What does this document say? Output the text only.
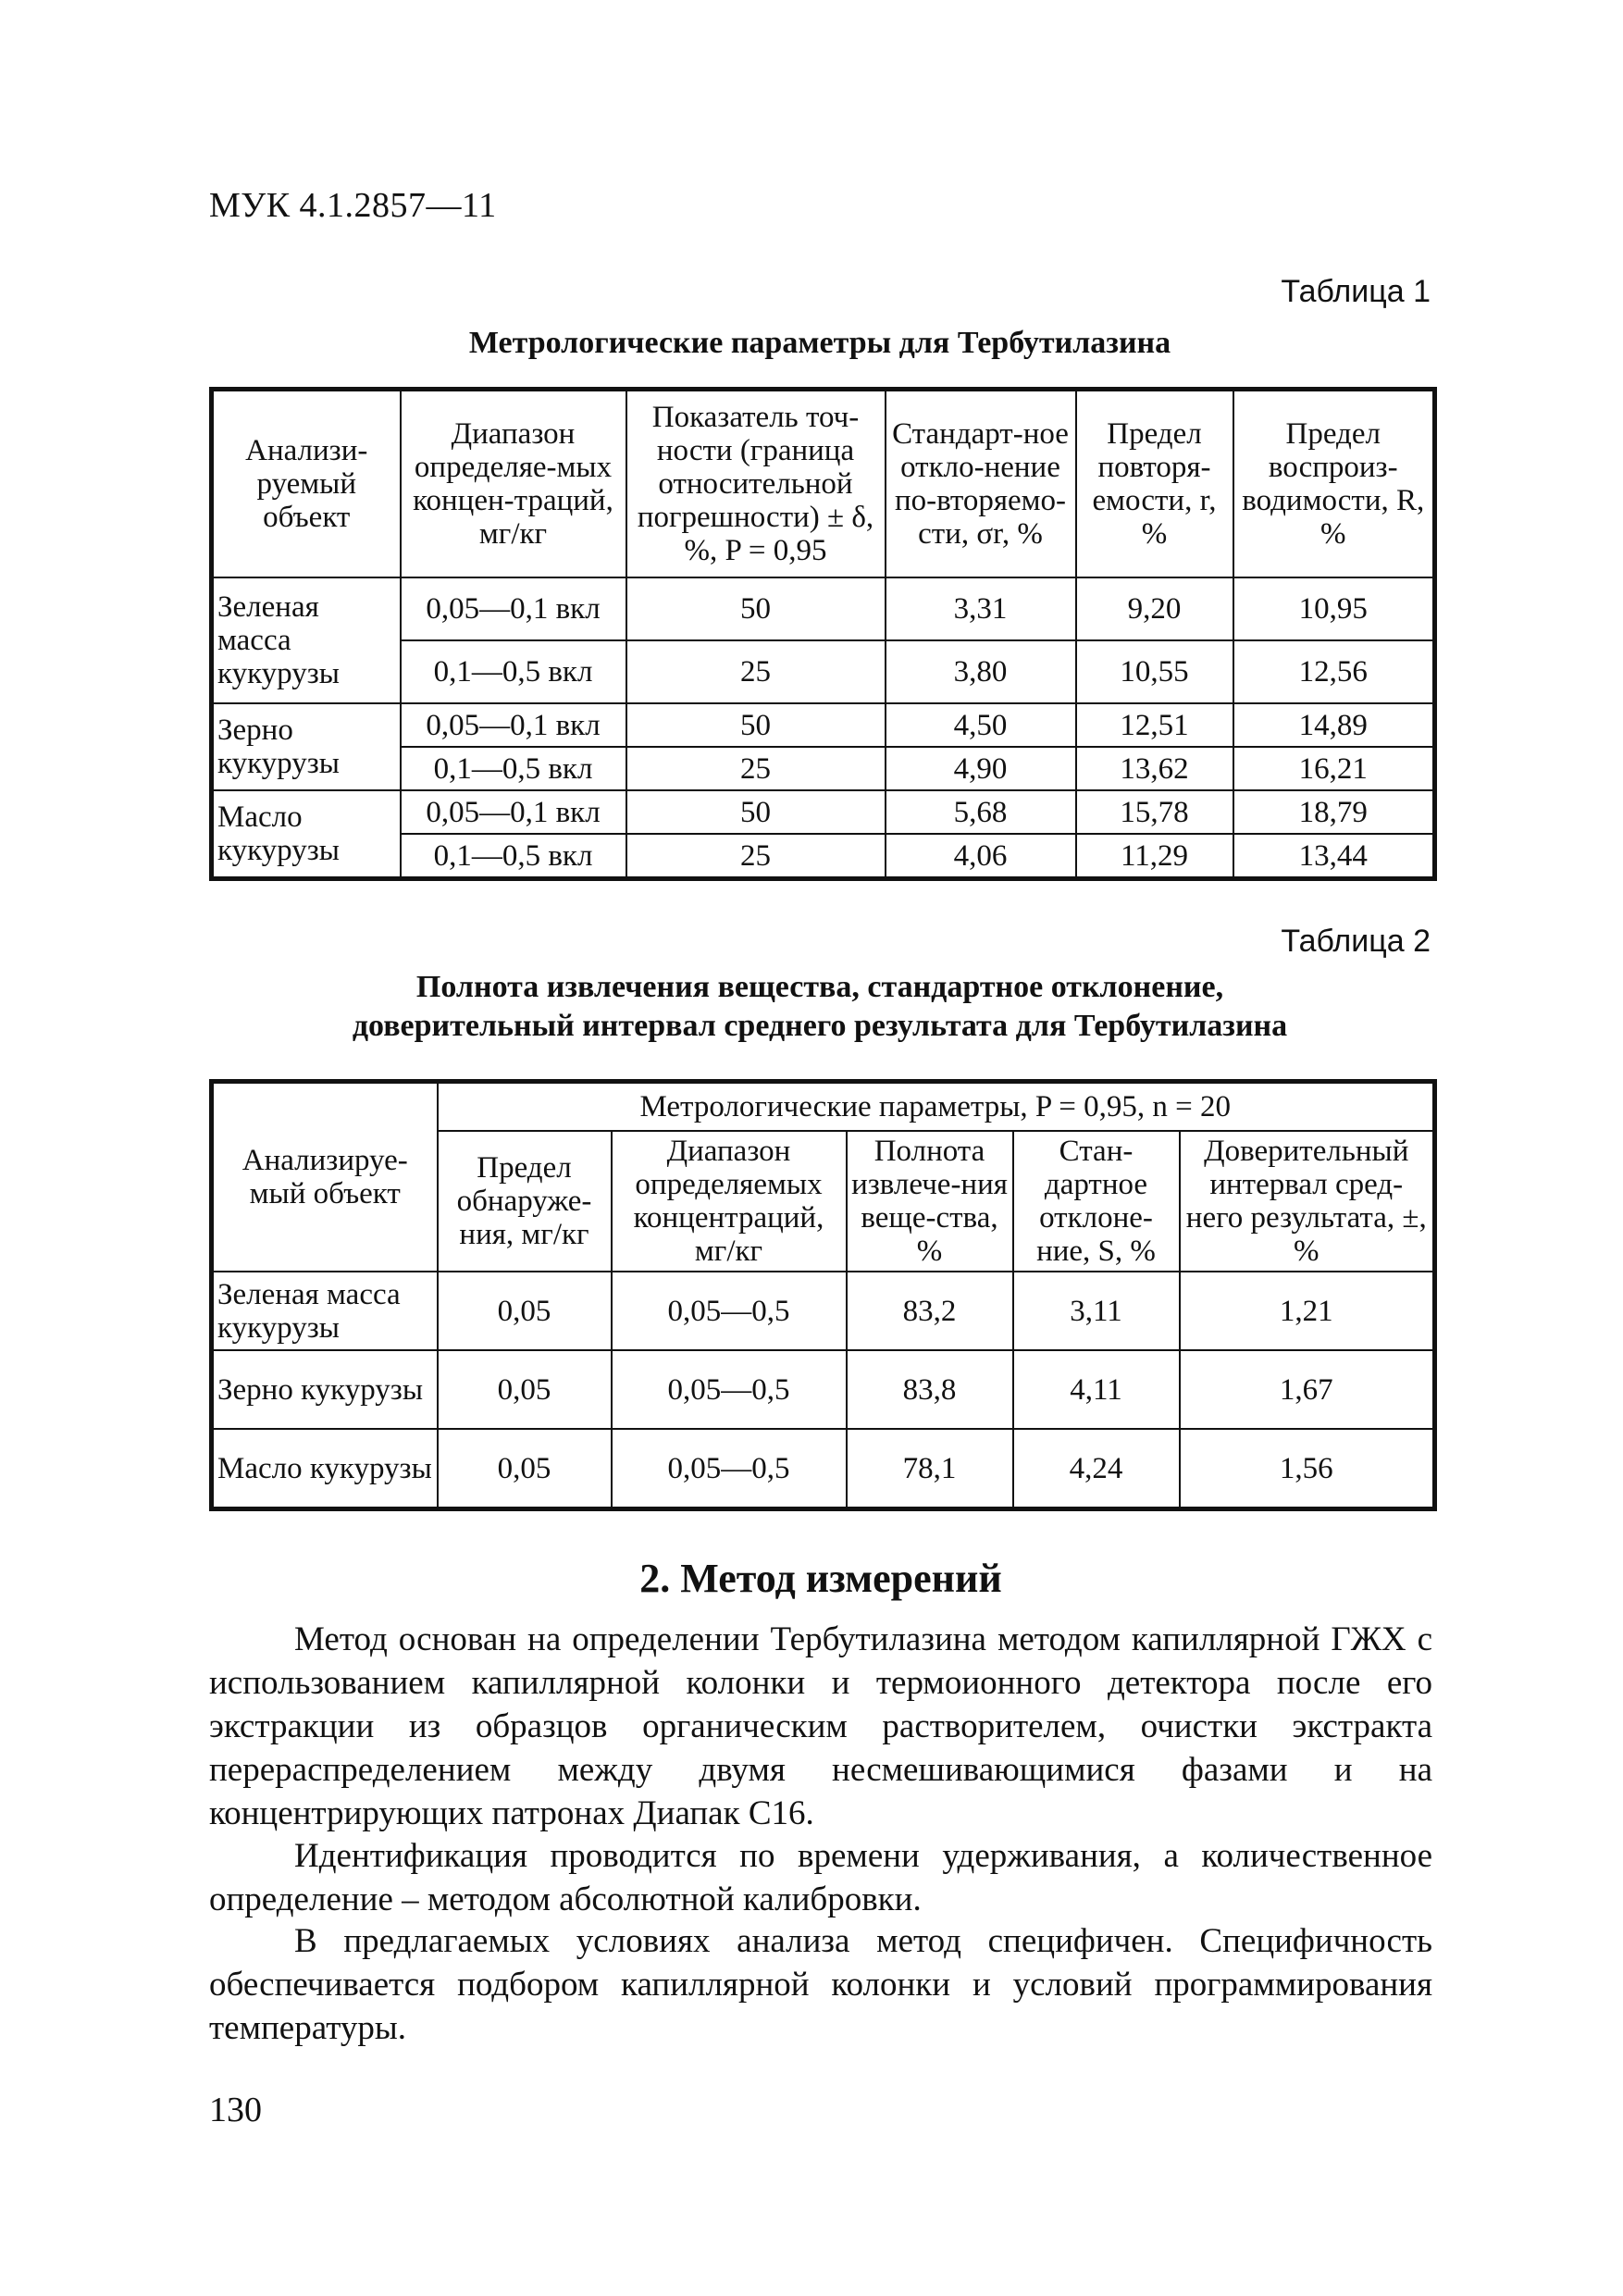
МУК 4.1.2857—11
Таблица 1
Метрологические параметры для Тербутилазина
Анализи-руемый объект	Диапазон определяе-мых концен-траций, мг/кг	Показатель точ-ности (граница относительной погрешности) ± δ, %, P = 0,95	Стандарт-ное откло-нение по-вторяемо-сти, σr, %	Предел повторя-емости, r, %	Предел воспроиз-водимости, R, %
Зеленая масса кукурузы	0,05—0,1 вкл	50	3,31	9,20	10,95
	0,1—0,5 вкл	25	3,80	10,55	12,56
Зерно кукурузы	0,05—0,1 вкл	50	4,50	12,51	14,89
	0,1—0,5 вкл	25	4,90	13,62	16,21
Масло кукурузы	0,05—0,1 вкл	50	5,68	15,78	18,79
	0,1—0,5 вкл	25	4,06	11,29	13,44
Таблица 2
Полнота извлечения вещества, стандартное отклонение,
доверительный интервал среднего результата для Тербутилазина
Анализируе-мый объект	Метрологические параметры, P = 0,95, n = 20				
	Предел обнаруже-ния, мг/кг	Диапазон определяемых концентраций, мг/кг	Полнота извлече-ния веще-ства, %	Стан-дартное отклоне-ние, S, %	Доверительный интервал сред-него результата, ±, %
Зеленая масса кукурузы	0,05	0,05—0,5	83,2	3,11	1,21
Зерно кукурузы	0,05	0,05—0,5	83,8	4,11	1,67
Масло кукурузы	0,05	0,05—0,5	78,1	4,24	1,56
2. Метод измерений

Метод основан на определении Тербутилазина методом капиллярной ГЖХ с использованием капиллярной колонки и термоионного детектора после его экстракции из образцов органическим растворителем, очистки экстракта перераспределением между двумя несмешивающимися фазами и на концентрирующих патронах Диапак С16.

Идентификация проводится по времени удерживания, а количественное определение – методом абсолютной калибровки.

В предлагаемых условиях анализа метод специфичен. Специфичность обеспечивается подбором капиллярной колонки и условий программирования температуры.

130
